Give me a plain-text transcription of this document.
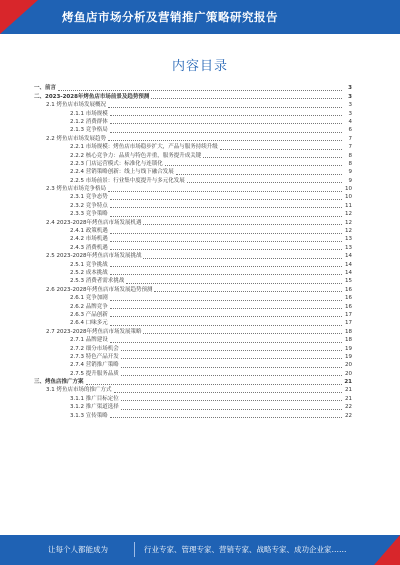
烤鱼店市场分析及营销推广策略研究报告
内容目录
一、前言	3
二、2023-2028年烤鱼店市场前景及趋势预测	3
2.1 烤鱼店市场发展概况	3
2.1.1 市场规模	3
2.1.2 消费群体	4
2.1.3 竞争格局	6
2.2 烤鱼店市场发展趋势	7
2.2.1 市场规模：烤鱼店市场稳步扩大，产品与服务持续升级	7
2.2.2 核心竞争力：品质与特色并重，服务提升成关键	8
2.2.3 门店运营模式：标准化与连锁化	8
2.2.4 营销策略创新：线上与线下融合发展	9
2.2.5 市场前景：行业集中度提升与多元化发展	9
2.3 烤鱼店市场竞争格局	10
2.3.1 竞争态势	10
2.3.2 竞争特点	11
2.3.3 竞争策略	12
2.4 2023-2028年烤鱼店市场发展机遇	12
2.4.1 政策机遇	12
2.4.2 市场机遇	13
2.4.3 消费机遇	13
2.5 2023-2028年烤鱼店市场发展挑战	14
2.5.1 竞争挑战	14
2.5.2 成本挑战	14
2.5.3 消费者需求挑战	15
2.6 2023-2028年烤鱼店市场发展趋势预测	16
2.6.1 竞争加剧	16
2.6.2 品牌竞争	16
2.6.3 产品创新	17
2.6.4 口味多元	17
2.7 2023-2028年烤鱼店市场发展策略	18
2.7.1 品牌建设	18
2.7.2 细分市场机会	19
2.7.3 特色产品开发	19
2.7.4 营销推广策略	20
2.7.5 提升服务品质	20
三、烤鱼店推广方案	21
3.1 烤鱼店市场的推广方式	21
3.1.1 推广目标定位	21
3.1.2 推广渠道选择	22
3.1.3 宣传策略	22
让每个人都能成为	行业专家、管理专家、营销专家、战略专家、成功企业家……
